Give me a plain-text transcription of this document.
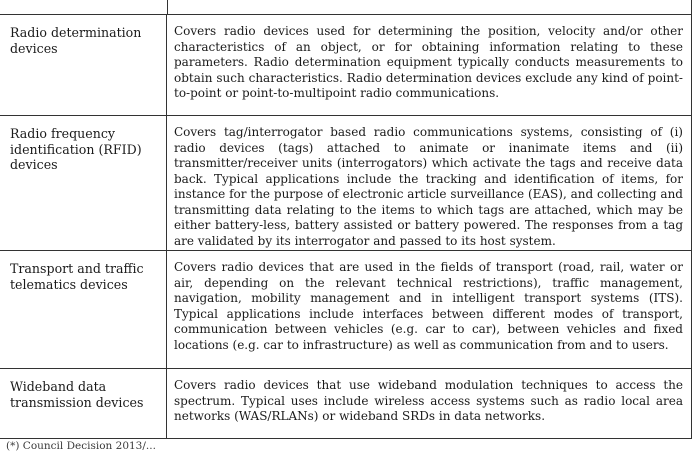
Radio determination
devices
Covers radio devices used for determining the position, velocity and/or other characteristics of an object, or for obtaining information relating to these parameters. Radio determination equipment typically conducts measurements to obtain such characteristics. Radio determination devices exclude any kind of point-to-point or point-to-multipoint radio communications.
Radio frequency
identification (RFID)
devices
Covers tag/interrogator based radio communications systems, consisting of (i) radio devices (tags) attached to animate or inanimate items and (ii) transmitter/receiver units (interrogators) which activate the tags and receive data back. Typical applications include the tracking and identification of items, for instance for the purpose of electronic article surveillance (EAS), and collecting and transmitting data relating to the items to which tags are attached, which may be either battery-less, battery assisted or battery powered. The responses from a tag are validated by its interrogator and passed to its host system.
Transport and traffic
telematics devices
Covers radio devices that are used in the fields of transport (road, rail, water or air, depending on the relevant technical restrictions), traffic management, navigation, mobility management and in intelligent transport systems (ITS). Typical applications include interfaces between different modes of transport, communication between vehicles (e.g. car to car), between vehicles and fixed locations (e.g. car to infrastructure) as well as communication from and to users.
Wideband data
transmission devices
Covers radio devices that use wideband modulation techniques to access the spectrum. Typical uses include wireless access systems such as radio local area networks (WAS/RLANs) or wideband SRDs in data networks.
(*) Council Decision 2013/...
